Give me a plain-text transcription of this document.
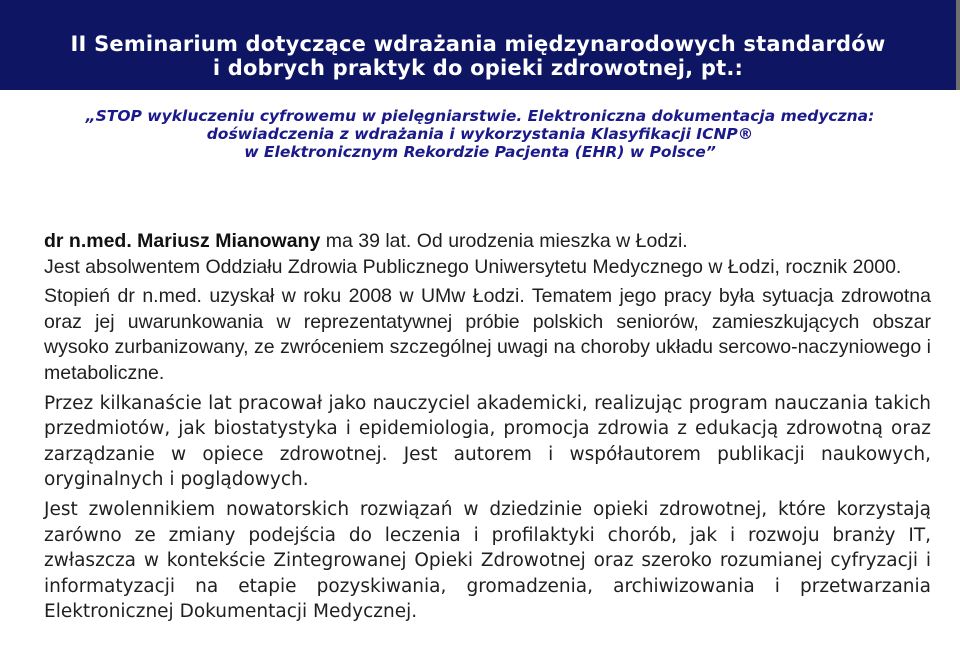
II Seminarium dotyczące wdrażania międzynarodowych standardów
i dobrych praktyk do opieki zdrowotnej, pt.:
„STOP wykluczeniu cyfrowemu w pielęgniarstwie. Elektroniczna dokumentacja medyczna:
doświadczenia z wdrażania i wykorzystania Klasyfikacji ICNP®
w Elektronicznym Rekordzie Pacjenta (EHR) w Polsce”

dr n.med. Mariusz Mianowany ma 39 lat. Od urodzenia mieszka w Łodzi.

Jest absolwentem Oddziału Zdrowia Publicznego Uniwersytetu Medycznego w Łodzi, rocznik 2000.

Stopień dr n.med. uzyskał w roku 2008 w UMw Łodzi. Tematem jego pracy była sytuacja zdrowotna oraz jej uwarunkowania w reprezentatywnej próbie polskich seniorów, zamieszkujących obszar wysoko zurbanizowany, ze zwróceniem szczególnej uwagi na choroby układu sercowo-naczyniowego i metaboliczne.

Przez kilkanaście lat pracował jako nauczyciel akademicki, realizując program nauczania takich przedmiotów, jak biostatystyka i epidemiologia, promocja zdrowia z edukacją zdrowotną oraz zarządzanie w opiece zdrowotnej. Jest autorem i współautorem publikacji naukowych, oryginalnych i poglądowych.

Jest zwolennikiem nowatorskich rozwiązań w dziedzinie opieki zdrowotnej, które korzystają zarówno ze zmiany podejścia do leczenia i profilaktyki chorób, jak i rozwoju branży IT, zwłaszcza w kontekście Zintegrowanej Opieki Zdrowotnej oraz szeroko rozumianej cyfryzacji i informatyzacji na etapie pozyskiwania, gromadzenia, archiwizowania i przetwarzania Elektronicznej Dokumentacji Medycznej.
